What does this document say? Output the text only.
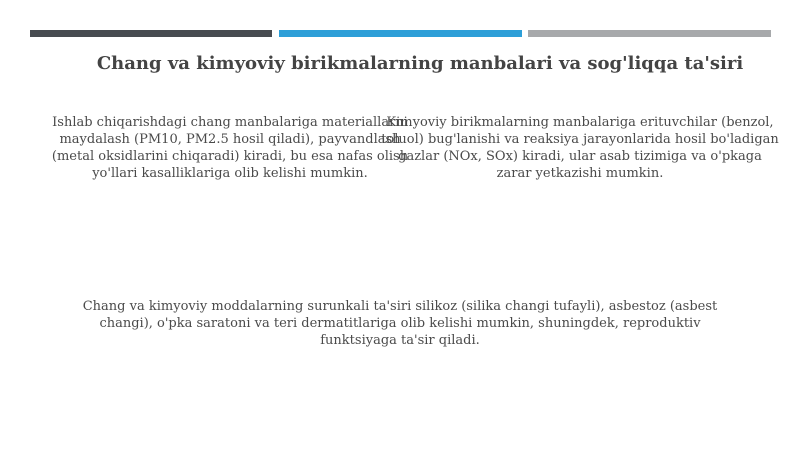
Chang va kimyoviy birikmalarning manbalari va sog'liqqa ta'siri
Ishlab chiqarishdagi chang manbalariga materiallarni maydalash (PM10, PM2.5 hosil qiladi), payvandlash (metal oksidlarini chiqaradi) kiradi, bu esa nafas olish yo'llari kasalliklariga olib kelishi mumkin.
Kimyoviy birikmalarning manbalariga erituvchilar (benzol, toluol) bug'lanishi va reaksiya jarayonlarida hosil bo'ladigan gazlar (NOx, SOx) kiradi, ular asab tizimiga va o'pkaga zarar yetkazishi mumkin.
Chang va kimyoviy moddalarning surunkali ta'siri silikoz (silika changi tufayli), asbestoz (asbest changi), o'pka saratoni va teri dermatitlariga olib kelishi mumkin, shuningdek, reproduktiv funktsiyaga ta'sir qiladi.
